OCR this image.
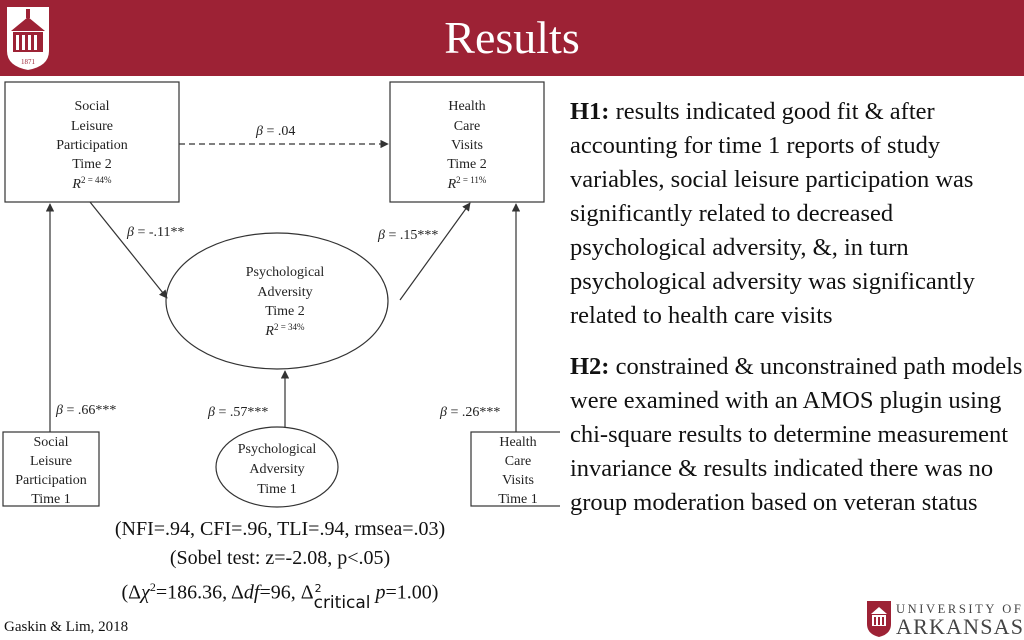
1871	Results
Social
Leisure
Participation
Time 2
$R^{2 = 44\%}$
Health
Care
Visits
Time 2
$R^{2 = 11\%}$
Psychological
Adversity
Time 2
$R^{2 = 34\%}$
Social
Leisure
Participation
Time 1
Psychological
Adversity
Time 1
Health
Care
Visits
Time 1
β = .04
β = -.11**	β = .15***
β = .66***	β = .57***	β = .26***
(NFI=.94, CFI=.96, TLI=.94, rmsea=.03)
(Sobel test: z=-2.08, p<.05)
($\Delta\chi^2=186.36$, Δdf=96, Δ 2
critical p=1.00)
H1: results indicated good fit & after accounting for time 1 reports of study variables, social leisure participation was significantly related to decreased psychological adversity, &, in turn psychological adversity was significantly related to health care visits
H2: constrained & unconstrained path models were examined with an AMOS plugin using chi-square results to determine measurement invariance & results indicated there was no group moderation based on veteran status
Gaskin & Lim, 2018
UNIVERSITY OF
ARKANSAS
